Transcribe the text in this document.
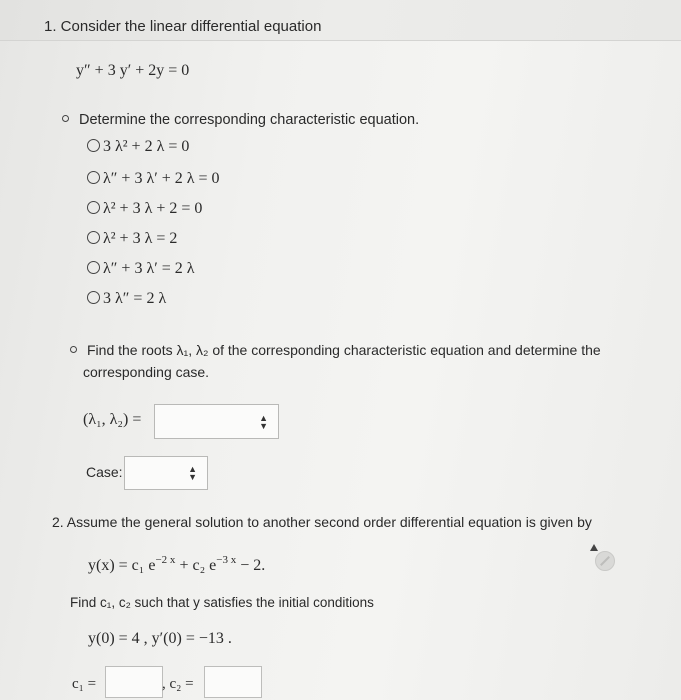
1. Consider the linear differential equation
y″ + 3 y′ + 2y = 0
Determine the corresponding characteristic equation.
3 λ² + 2 λ = 0
λ″ + 3 λ′ + 2 λ = 0
λ² + 3 λ + 2 = 0
λ² + 3 λ = 2
λ″ + 3 λ′ = 2 λ
3 λ″ = 2 λ
Find the roots λ₁, λ₂ of the corresponding characteristic equation and determine the
corresponding case.
(λ₁, λ₂) =	▲
▼
Case:	▲
▼
2. Assume the general solution to another second order differential equation is given by
y(x) = c₁ $e^{-2 x} + c_2$ $e^{-3 x} - 2$.
Find c₁, c₂ such that y satisfies the initial conditions
y(0) = 4 , y′(0) = −13 .
c₁ =	, c₂ =
